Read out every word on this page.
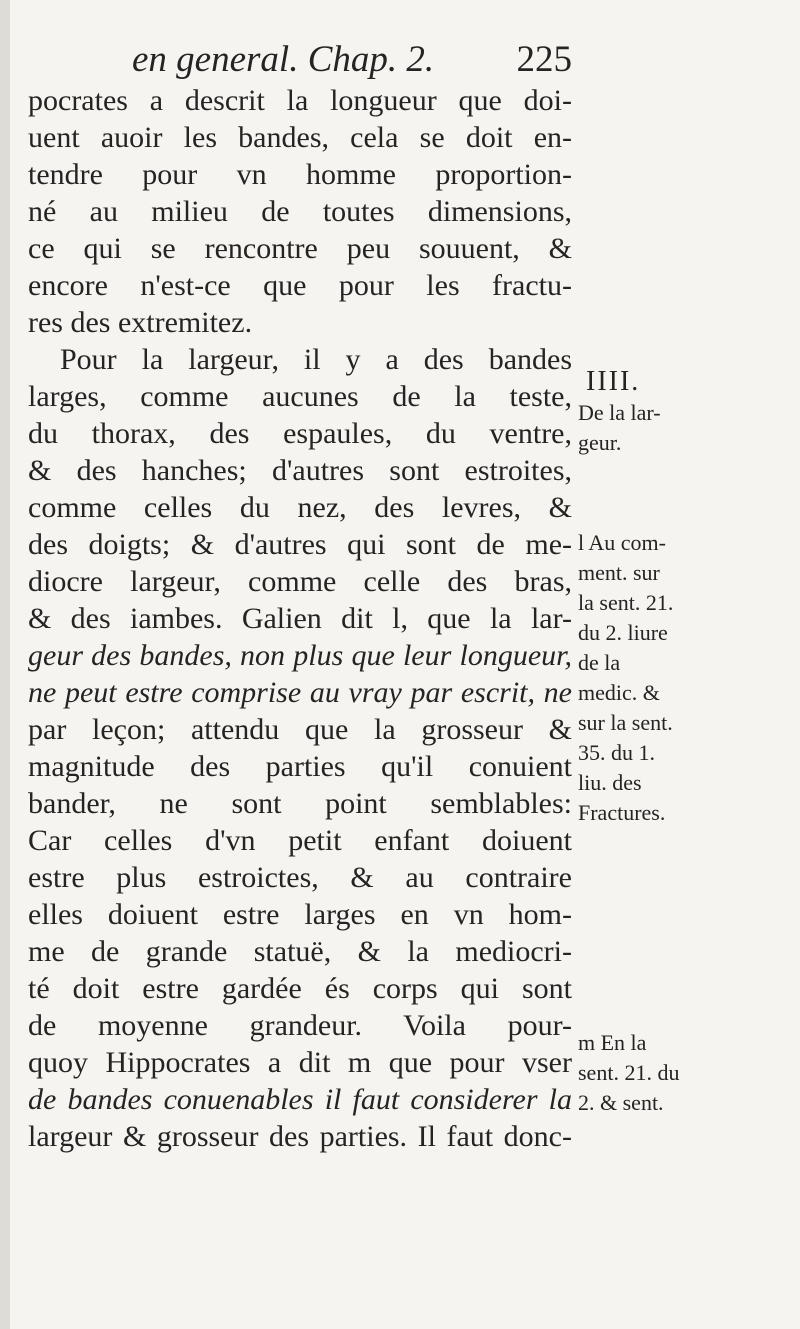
en general. Chap. 2. 225
pocrates a descrit la longueur que doi-
uent auoir les bandes, cela se doit en-
tendre pour vn homme proportion-
né au milieu de toutes dimensions,
ce qui se rencontre peu souuent, &
encore n'est-ce que pour les fractu-
res des extremitez.
Pour la largeur, il y a des bandes
larges, comme aucunes de la teste,
du thorax, des espaules, du ventre,
& des hanches; d'autres sont estroites,
comme celles du nez, des levres, &
des doigts; & d'autres qui sont de me-
diocre largeur, comme celle des bras,
& des iambes. Galien dit l, que la lar-
geur des bandes, non plus que leur longueur,
ne peut estre comprise au vray par escrit, ne
par leçon; attendu que la grosseur &
magnitude des parties qu'il conuient
bander, ne sont point semblables:
Car celles d'vn petit enfant doiuent
estre plus estroictes, & au contraire
elles doiuent estre larges en vn hom-
me de grande statuë, & la mediocri-
té doit estre gardée és corps qui sont
de moyenne grandeur. Voila pour-
quoy Hippocrates a dit m que pour vser
de bandes conuenables il faut considerer la
largeur & grosseur des parties. Il faut donc-
IIII.
De la lar-
geur.
l Au com-
ment. sur
la sent. 21.
du 2. liure
de la
medic. &
sur la sent.
35. du 1.
liu. des
Fractures.
m En la
sent. 21. du
2. & sent.
